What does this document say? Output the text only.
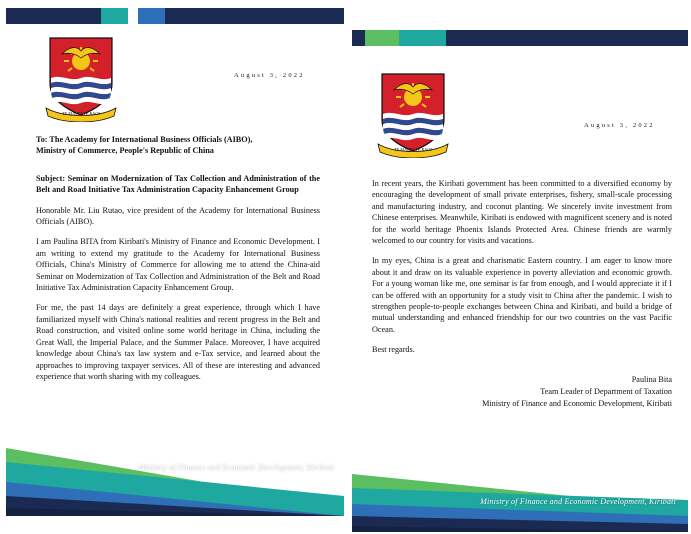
TE MAURI TE RAOI
August 3, 2022
To: The Academy for International Business Officials (AIBO),
Ministry of Commerce, People's Republic of China

Subject: Seminar on Modernization of Tax Collection and Administration of the Belt and Road Initiative Tax Administration Capacity Enhancement Group

Honorable Mr. Liu Rutao, vice president of the Academy for International Business Officials (AIBO).

I am Paulina BITA from Kiribati's Ministry of Finance and Economic Development. I am writing to extend my gratitude to the Academy for International Business Officials, China's Ministry of Commerce for allowing me to attend the China-aid Seminar on Modernization of Tax Collection and Administration of the Belt and Road Initiative Tax Administration Capacity Enhancement Group.

For me, the past 14 days are definitely a great experience, through which I have familiarized myself with China's national realities and recent progress in the Belt and Road construction, and visited online some world heritage in China, including the Great Wall, the Imperial Palace, and the Summer Palace. Moreover, I have acquired knowledge about China's tax law system and e-Tax service, and learned about the approaches to improving taxpayer services. All of these are interesting and advanced experience that worth sharing with my colleagues.

Ministry of Finance and Economic Development, Kiribati
TE MAURI TE RAOI
August 3, 2022

In recent years, the Kiribati government has been committed to a diversified economy by encouraging the development of small private enterprises, fishery, small-scale processing and manufacturing industry, and coconut planting. We sincerely invite investment from Chinese enterprises. Meanwhile, Kiribati is endowed with magnificent scenery and is noted for the world heritage Phoenix Islands Protected Area. Chinese friends are warmly welcomed to our country for visits and vacations.

In my eyes, China is a great and charismatic Eastern country. I am eager to know more about it and draw on its valuable experience in poverty alleviation and economic growth. For a young woman like me, one seminar is far from enough, and I would appreciate it if I can be offered with an opportunity for a study visit to China after the pandemic. I wish to strengthen people-to-people exchanges between China and Kiribati, and build a bridge of mutual understanding and enhanced friendship for our two countries on the vast Pacific Ocean.

Best regards.

Paulina Bita
Team Leader of Department of Taxation
Ministry of Finance and Economic Development, Kiribati
Ministry of Finance and Economic Development, Kiribati
